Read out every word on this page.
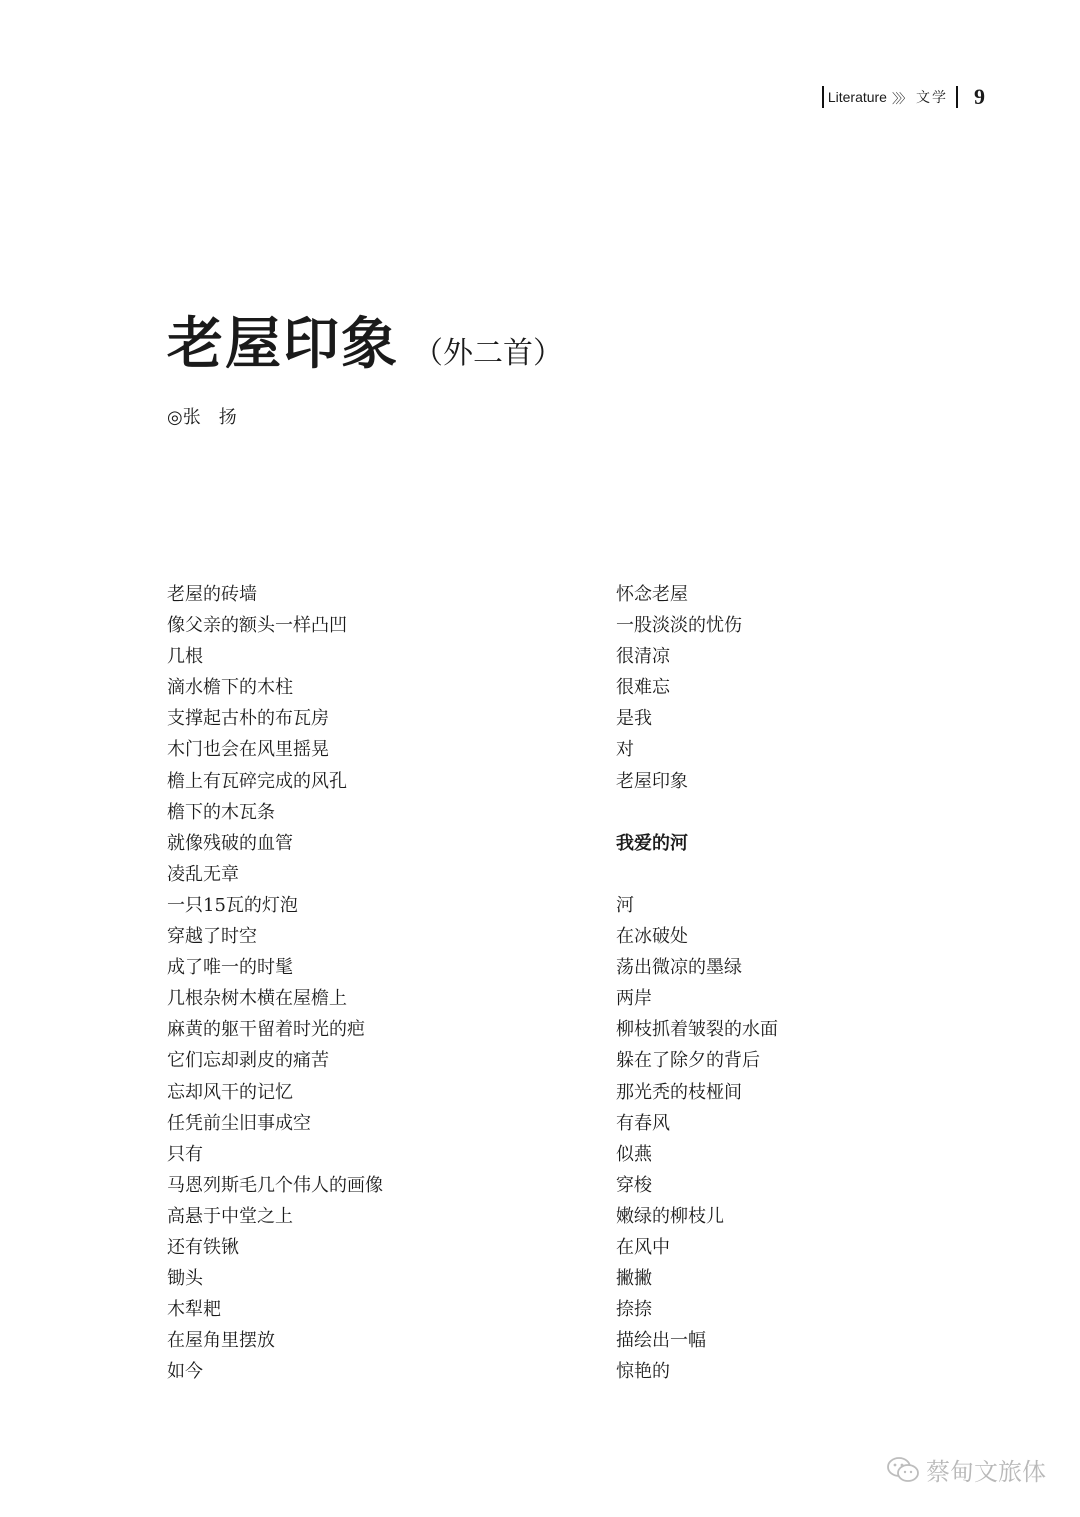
Literature 〉〉〉 文学 9
老屋印象 （外二首）
◎张　扬
老屋的砖墙
像父亲的额头一样凸凹
几根
滴水檐下的木柱
支撑起古朴的布瓦房
木门也会在风里摇晃
檐上有瓦碎完成的风孔
檐下的木瓦条
就像残破的血管
凌乱无章
一只15瓦的灯泡
穿越了时空
成了唯一的时髦
几根杂树木横在屋檐上
麻黄的躯干留着时光的疤
它们忘却剥皮的痛苦
忘却风干的记忆
任凭前尘旧事成空
只有
马恩列斯毛几个伟人的画像
高悬于中堂之上
还有铁锹
锄头
木犁耙
在屋角里摆放
如今
怀念老屋
一股淡淡的忧伤
很清凉
很难忘
是我
对
老屋印象
我爱的河
河
在冰破处
荡出微凉的墨绿
两岸
柳枝抓着皱裂的水面
躲在了除夕的背后
那光秃的枝桠间
有春风
似燕
穿梭
嫩绿的柳枝儿
在风中
撇撇
捺捺
描绘出一幅
惊艳的
蔡甸文旅体
